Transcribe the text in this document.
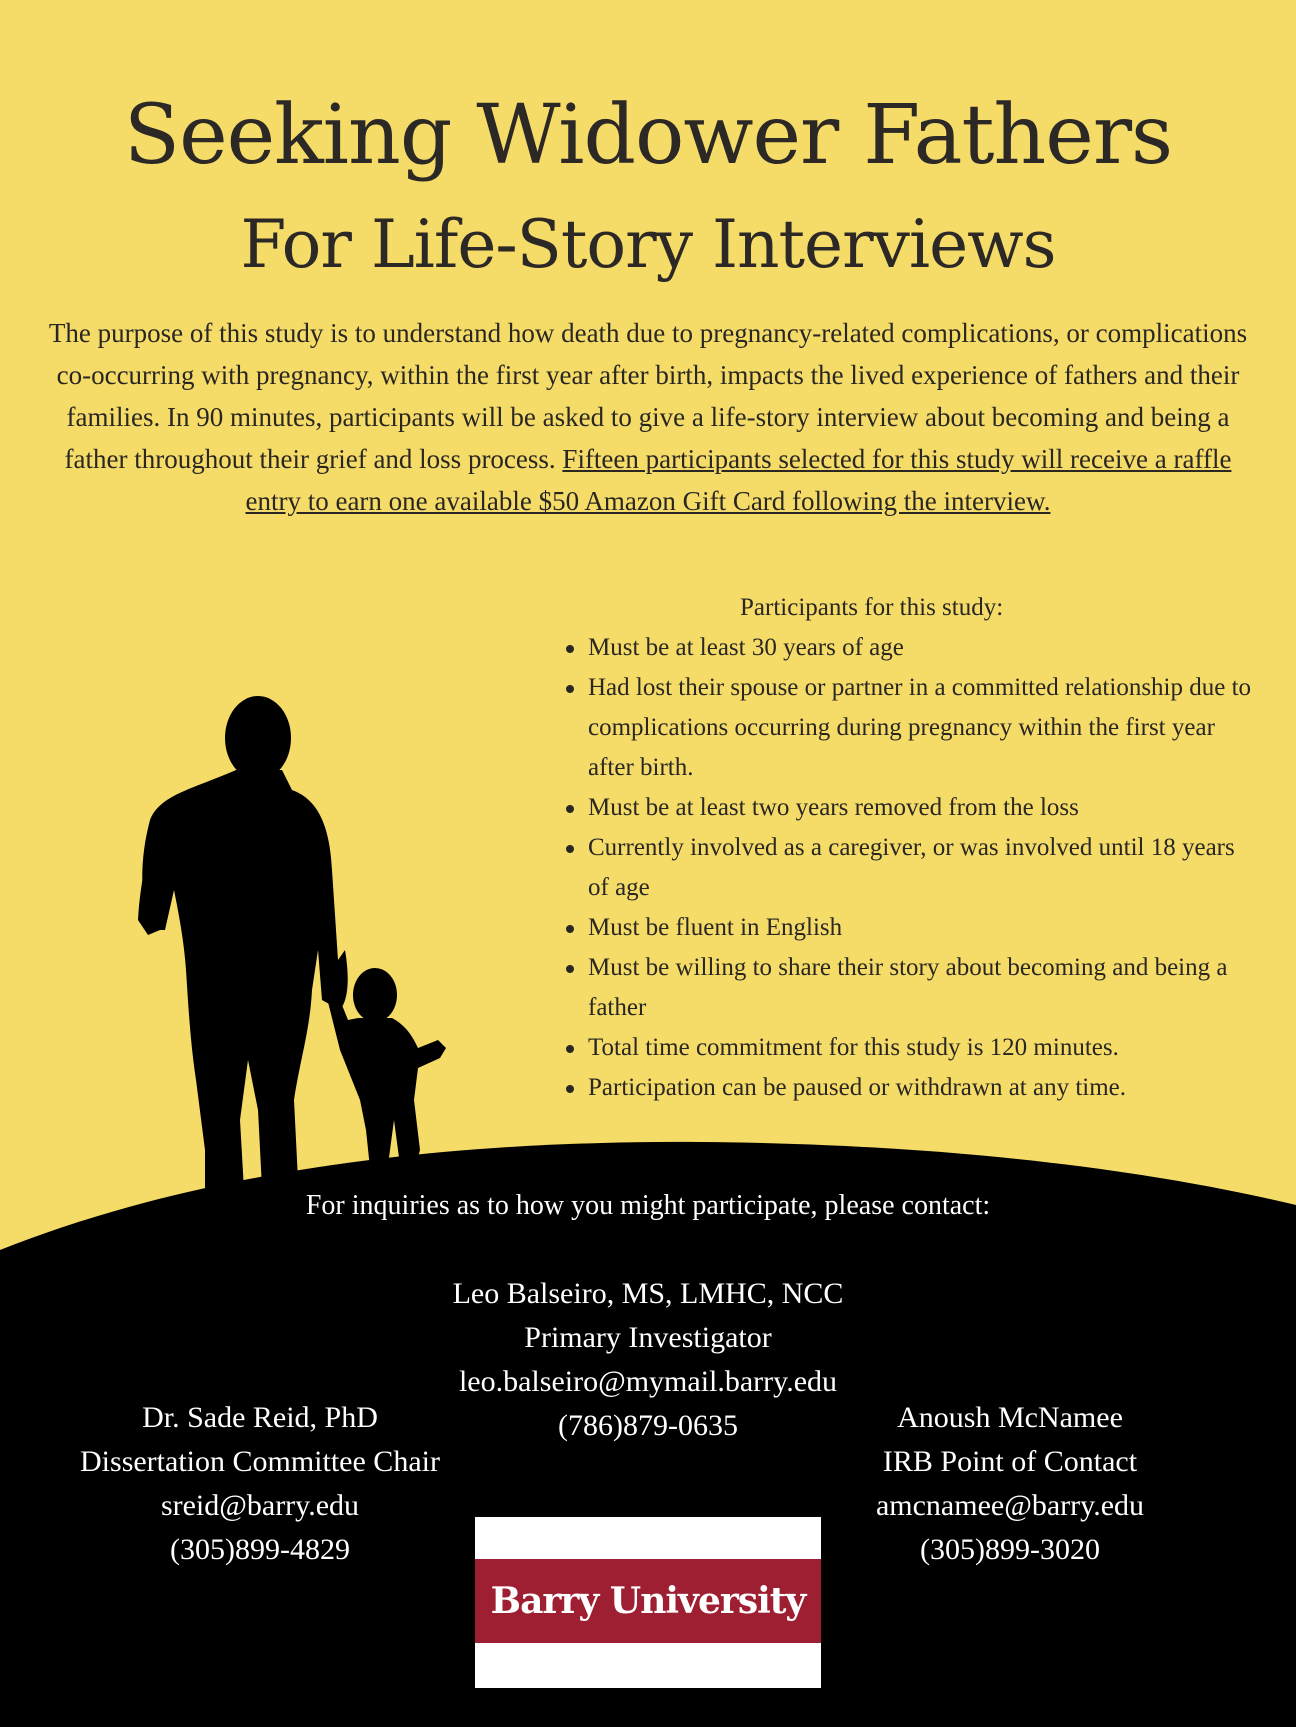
Seeking Widower Fathers
For Life-Story Interviews
The purpose of this study is to understand how death due to pregnancy-related complications, or complications co-occurring with pregnancy, within the first year after birth, impacts the lived experience of fathers and their families. In 90 minutes, participants will be asked to give a life-story interview about becoming and being a father throughout their grief and loss process. Fifteen participants selected for this study will receive a raffle entry to earn one available $50 Amazon Gift Card following the interview.
Participants for this study:
Must be at least 30 years of age
Had lost their spouse or partner in a committed relationship due to complications occurring during pregnancy within the first year after birth.
Must be at least two years removed from the loss
Currently involved as a caregiver, or was involved until 18 years of age
Must be fluent in English
Must be willing to share their story about becoming and being a father
Total time commitment for this study is 120 minutes.
Participation can be paused or withdrawn at any time.
For inquiries as to how you might participate, please contact:
Leo Balseiro, MS, LMHC, NCC
Primary Investigator
leo.balseiro@mymail.barry.edu
(786)879-0635
Dr. Sade Reid, PhD
Dissertation Committee Chair
sreid@barry.edu
(305)899-4829
Anoush McNamee
IRB Point of Contact
amcnamee@barry.edu
(305)899-3020
Barry University
